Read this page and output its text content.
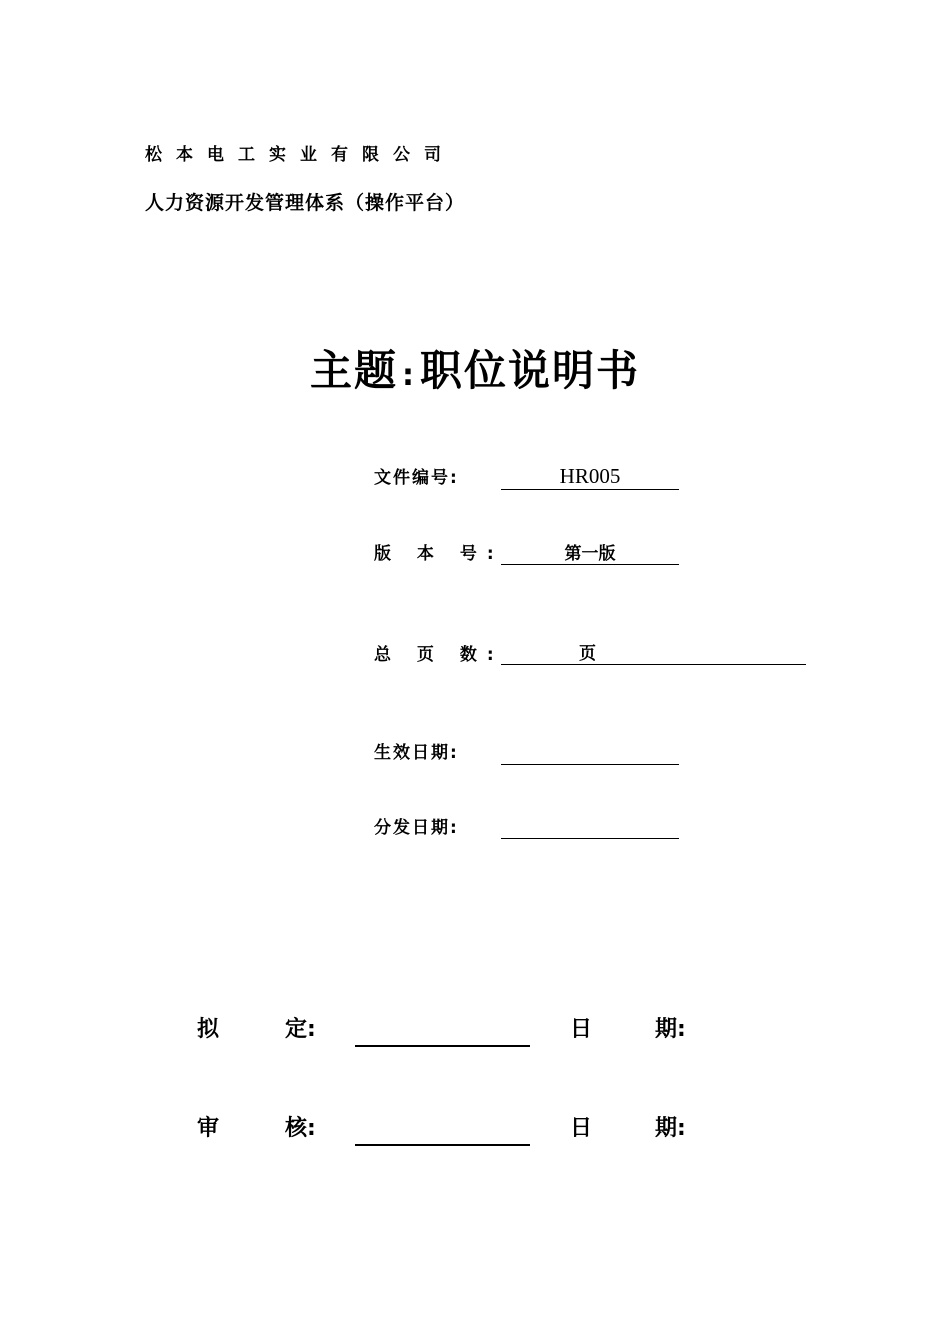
松本电工实业有限公司
人力资源开发管理体系（操作平台）
主题 :职位说明书
文件编号:	HR005
版 本 号:	第一版
总 页 数:	页
生效日期:
分发日期:
拟	定:	日	期:
审	核:	日	期:
